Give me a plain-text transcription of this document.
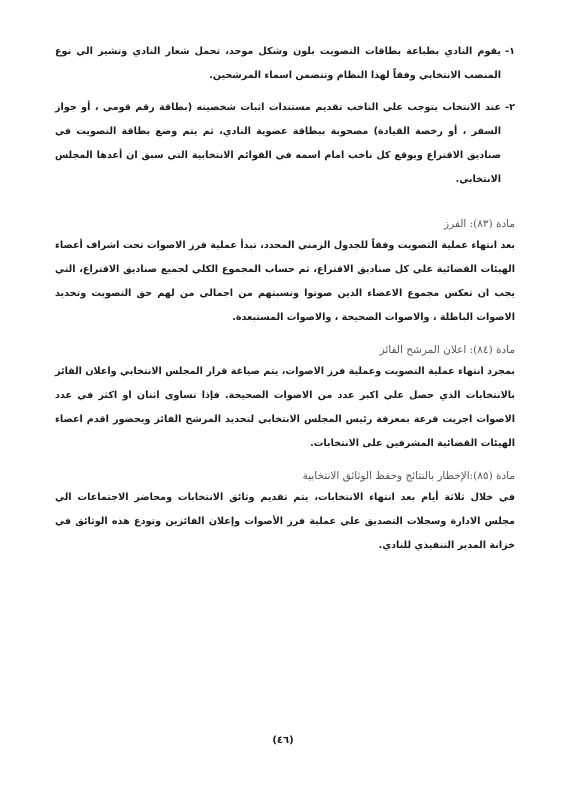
١-
يقوم النادي بطباعة بطاقات التصويت بلون وشكل موحد، تحمل شعار النادي وتشير الي نوع المنصب الانتخابي وفقاً لهذا النظام وتتضمن اسماء المرشحين.
٢-
عند الانتخاب يتوجب علي الناخب تقديم مستندات اثبات شخصيته (بطاقة رقم قومي ، أو جواز السفر ، أو رخصة القيادة) مصحوبة ببطاقة عضوية النادي، ثم يتم وضع بطاقة التصويت في صناديق الاقتراع ويوقع كل ناخب امام اسمه في القوائم الانتخابية التي سبق ان أعدها المجلس الانتخابي.

مادة (٨٣): الفرز

بعد انتهاء عملية التصويت وفقاً للجدول الزمني المحدد، تبدأ عملية فرز الاصوات تحت اشراف أعضاء الهيئات القضائية علي كل صناديق الاقتراع، ثم حساب المجموع الكلي لجميع صناديق الاقتراع، التي يجب ان تعكس مجموع الاعضاء الذين صوتوا ونسبتهم من اجمالي من لهم حق التصويت وتحديد الاصوات الباطلة ، والاصوات الصحيحة ، والاصوات المستبعدة.

مادة (٨٤): اعلان المرشح الفائز

بمجرد انتهاء عملية التصويت وعملية فرز الاصوات، يتم صياغة قرار المجلس الانتخابي واعلان الفائز بالانتخابات الذي حصل علي اكبر عدد من الاصوات الصحيحة. فإذا تساوى اثنان او اكثر في عدد الاصوات اجريت قرعة بمعرفة رئيس المجلس الانتخابي لتحديد المرشح الفائز ويحضور اقدم اعضاء الهيئات القضائية المشرفين على الانتخابات.

مادة (٨٥):الإخطار بالنتائج وحفظ الوثائق الانتخابية

في خلال ثلاثة أيام بعد انتهاء الانتخابات، يتم تقديم وثائق الانتخابات ومحاضر الاجتماعات الي مجلس الادارة وسجلات التصديق علي عملية فرز الأصوات وإعلان الفائزين وتودع هذه الوثائق في خزانة المدير التنفيذي للنادي.

(٤٦)
